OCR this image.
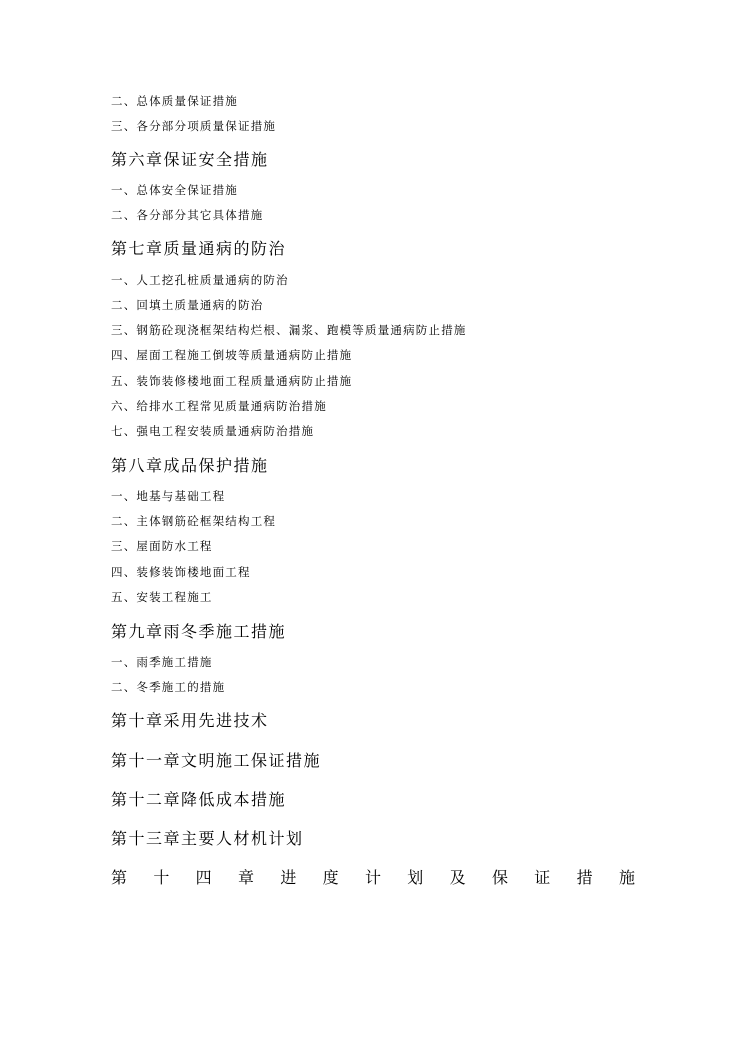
二、总体质量保证措施
三、各分部分项质量保证措施
第六章保证安全措施
一、总体安全保证措施
二、各分部分其它具体措施
第七章质量通病的防治
一、人工挖孔桩质量通病的防治
二、回填土质量通病的防治
三、钢筋砼现浇框架结构烂根、漏浆、跑模等质量通病防止措施
四、屋面工程施工倒坡等质量通病防止措施
五、装饰装修楼地面工程质量通病防止措施
六、给排水工程常见质量通病防治措施
七、强电工程安装质量通病防治措施
第八章成品保护措施
一、地基与基础工程
二、主体钢筋砼框架结构工程
三、屋面防水工程
四、装修装饰楼地面工程
五、安装工程施工
第九章雨冬季施工措施
一、雨季施工措施
二、冬季施工的措施
第十章采用先进技术
第十一章文明施工保证措施
第十二章降低成本措施
第十三章主要人材机计划
第 十 四 章 进 度 计 划 及 保 证 措 施
